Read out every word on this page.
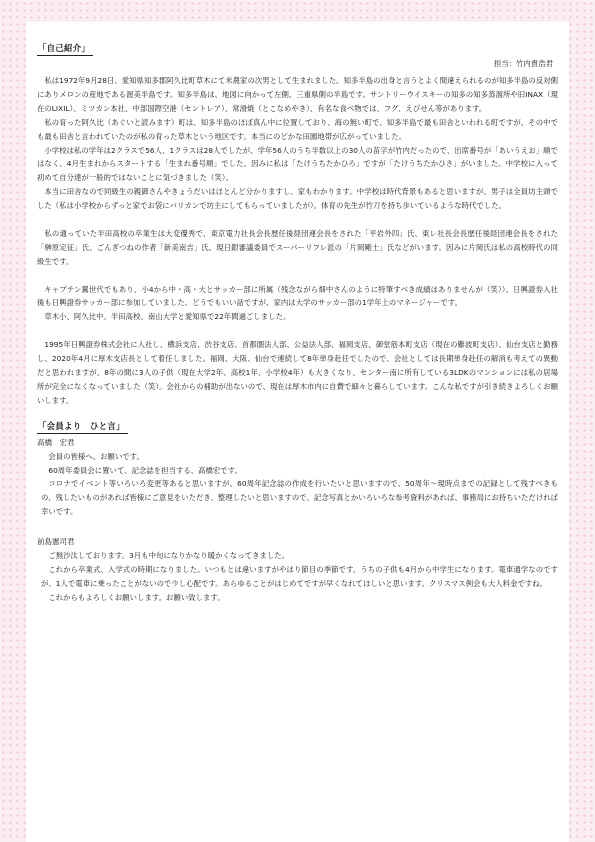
「自己紹介」
担当：竹内貴浩君

私は1972年9月28日、愛知県知多郡阿久比町草木にて米農家の次男として生まれました。知多半島の出身と言うとよく間違えられるのが知多半島の反対側にありメロンの産地である渥美半島です。知多半島は、地図に向かって左側、三重県側の半島です。サントリーウイスキーの知多の知多蒸溜所や旧INAX（現在のLIXIL）、ミツカン本社、中部国際空港（セントレア）、常滑焼（とこなめやき）、有名な食べ物では、フグ、えびせん等があります。

私の育った阿久比（あぐいと読みます）町は、知多半島のほぼ真ん中に位置しており、海の無い町で、知多半島で最も田舎といわれる町ですが、その中でも最も田舎と言われていたのが私の育った草木という地区です。本当にのどかな田園地帯が広がっていました。

小学校は私の学年は2クラスで56人、1クラスは28人でしたが、学年56人のうち半数以上の30人の苗字が竹内だったので、出席番号が「あいうえお」順ではなく、4月生まれからスタートする「生まれ番号順」でした。因みに私は「たけうちたかひろ」ですが「たけうちたかひさ」がいました。中学校に入って初めて自分達が一般的ではないことに気づきました（笑）。

本当に田舎なので同級生の親御さんやきょうだいはほとんど分かりますし、家もわかります。中学校は時代背景もあると思いますが、男子は全員坊主頭でした（私は小学校からずっと家でお袋にバリカンで坊主にしてもらっていましたが）。体育の先生が竹刀を持ち歩いているような時代でした。

私の通っていた半田高校の卒業生は大変優秀で、東京電力社長会長歴任後経団連会長をされた「平岩外四」氏、東レ社長会長歴任後経団連会長をされた「榊原定征」氏、ごんぎつねの作者「新美南吉」氏、現日銀審議委員でスーパーリフレ派の「片岡剛士」氏などがいます。因みに片岡氏は私の高校時代の同級生です。

キャプテン翼世代でもあり、小4から中・高・大とサッカー部に所属（残念ながら畑中さんのように特筆すべき成績はありませんが（笑））。日興證券入社後も日興證券サッカー部に参加していました。どうでもいい話ですが、家内は大学のサッカー部の1学年上のマネージャーです。

草木小、阿久比中、半田高校、南山大学と愛知県で22年間過ごしました。

1995年日興證券株式会社に入社し、横浜支店、渋谷支店、首都圏法人部、公益法人部、福岡支店、御堂筋本町支店（現在の難波町支店）、仙台支店と勤務し、2020年4月に厚木支店長として着任しました。福岡、大阪、仙台で連続して8年単身赴任でしたので、会社としては長期単身赴任の解消も考えての異動だと思われますが、8年の間に3人の子供（現在大学2年、高校1年、小学校4年）も大きくなり、センター南に所有している3LDKのマンションには私の居場所が完全になくなっていました（笑）。会社からの補助が出ないので、現在は厚木市内に自費で細々と暮らしています。こんな私ですが引き続きよろしくお願いします。

「会員より　ひと言」
高橋　宏君

会員の皆様へ、お願いです。

60周年委員会に置いて、記念誌を担当する、高橋宏です。

コロナでイベント等いろいろ変更等あると思いますが、60周年記念誌の作成を行いたいと思いますので、50周年～現時点までの記録として残すべきもの、残したいものがあれば皆様にご意見をいただき、整理したいと思いますので、記念写真とかいろいろな参考資料があれば、事務局にお持ちいただければ幸いです。

前島憲司君

ご無沙汰しております。3月も中旬になりかなり暖かくなってきました。

これから卒業式、入学式の時期になりました。いつもとは違いますがやはり節目の季節です。うちの子供も4月から中学生になります。電車通学なのですが、1人で電車に乗ったことがないので少し心配です。あらゆることがはじめてですが早くなれてほしいと思います。クリスマス例会も大人料金ですね。

これからもよろしくお願いします。お願い致します。
